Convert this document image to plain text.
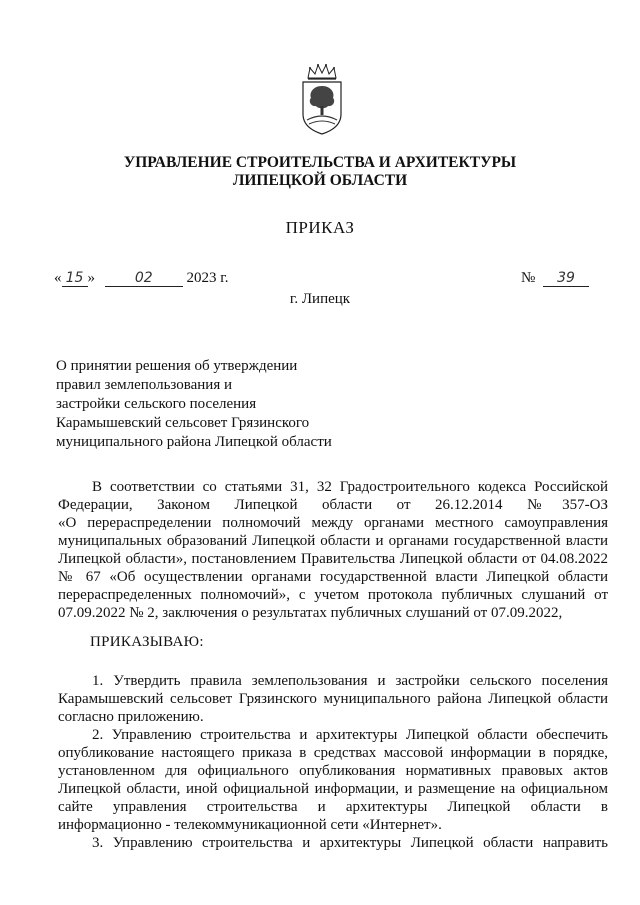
УПРАВЛЕНИЕ СТРОИТЕЛЬСТВА И АРХИТЕКТУРЫ
ЛИПЕЦКОЙ ОБЛАСТИ
ПРИКАЗ
« 15 »	02 2023 г.	№ 39
г. Липецк
О принятии решения об утверждении
правил землепользования и
застройки сельского поселения
Карамышевский сельсовет Грязинского
муниципального района Липецкой области
В соответствии со статьями 31, 32 Градостроительного кодекса Российской
Федерации, Законом Липецкой области от 26.12.2014 №357-ОЗ
«О перераспределении полномочий между органами местного самоуправления
муниципальных образований Липецкой области и органами государственной власти
Липецкой области», постановлением Правительства Липецкой области от 04.08.2022
№ 67 «Об осуществлении органами государственной власти Липецкой области
перераспределенных полномочий», с учетом протокола публичных слушаний от
07.09.2022 № 2, заключения о результатах публичных слушаний от 07.09.2022,
ПРИКАЗЫВАЮ:
1. Утвердить правила землепользования и застройки сельского поселения
Карамышевский сельсовет Грязинского муниципального района Липецкой области
согласно приложению.
2. Управлению строительства и архитектуры Липецкой области обеспечить
опубликование настоящего приказа в средствах массовой информации в порядке,
установленном для официального опубликования нормативных правовых актов
Липецкой области, иной официальной информации, и размещение на официальном
сайте управления строительства и архитектуры Липецкой области в
информационно - телекоммуникационной сети «Интернет».
3. Управлению строительства и архитектуры Липецкой области направить
